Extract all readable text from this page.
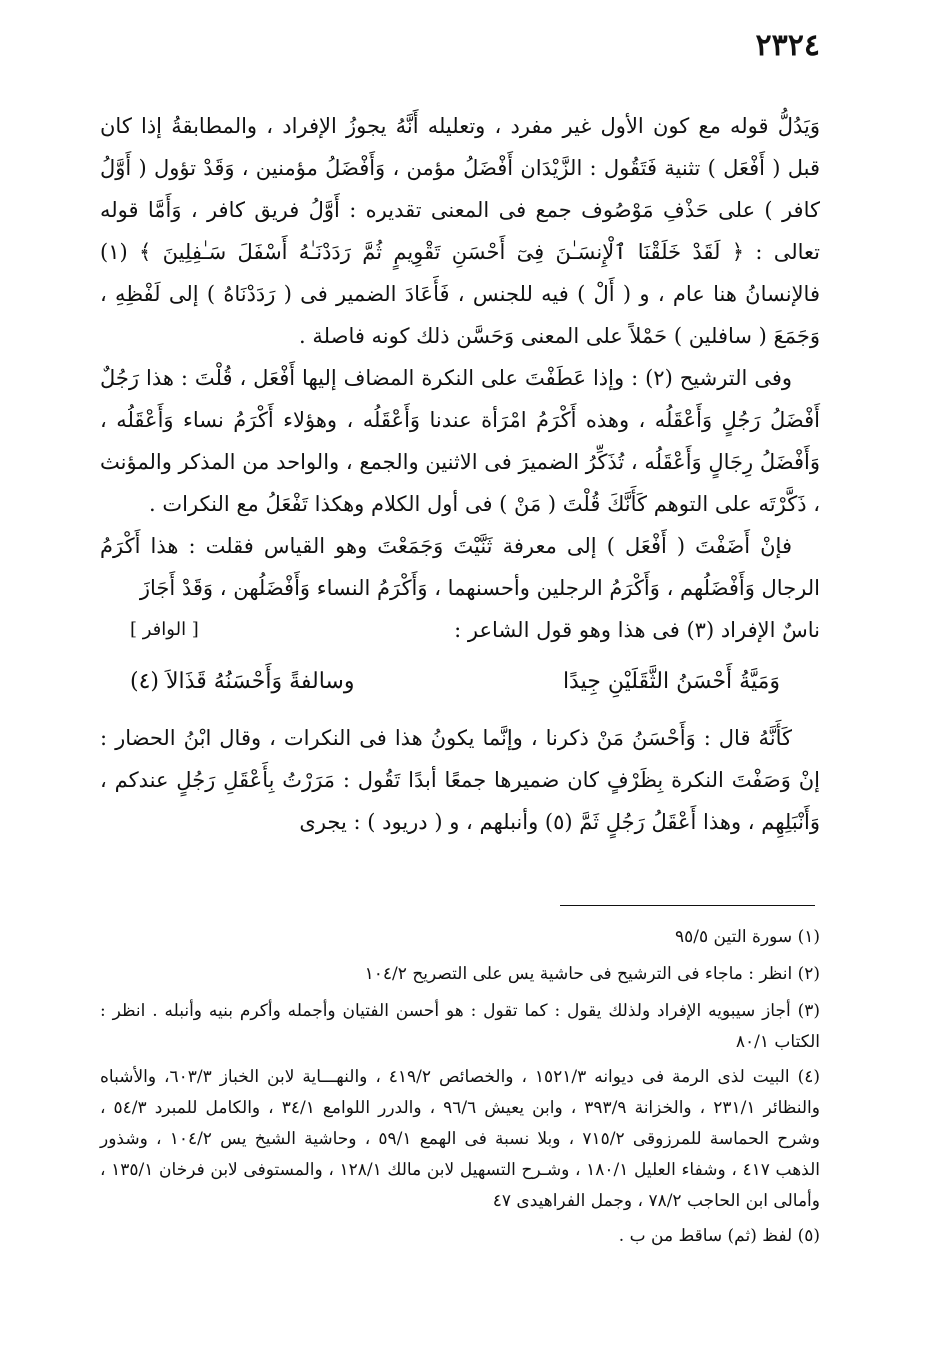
٢٣٢٤

وَيَدُلُّ قوله مع كون الأول غير مفرد ، وتعليله أَنَّهُ يجوزُ الإفراد ، والمطابقةُ إذا كان قبل ( أَفْعَل ) تثنية فَتَقُول : الزَّيْدَان أَفْضَلُ مؤمن ، وَأَفْضَلُ مؤمنين ، وَقَدْ تؤول ( أَوَّلُ كافر ) على حَذْفِ مَوْصُوف جمع فى المعنى تقديره : أَوَّلُ فريق كافر ، وَأَمَّا قوله تعالى : ﴿ لَقَدْ خَلَقْنَا ٱلْإِنسَـٰنَ فِىٓ أَحْسَنِ تَقْوِيمٍ ثُمَّ رَدَدْنَـٰهُ أَسْفَلَ سَـٰفِلِينَ ﴾ (١) فالإنسانُ هنا عام ، و ( أَلْ ) فيه للجنس ، فَأَعَادَ الضمير فى ( رَدَدْنَاهُ ) إلى لَفْظِهِ ، وَجَمَعَ ( سافلين ) حَمْلاً على المعنى وَحَسَّن ذلك كونه فاصلة .

وفى الترشيح (٢) : وإذا عَطَفْتَ على النكرة المضاف إليها أَفْعَل ، قُلْتَ : هذا رَجُلٌ أَفْضَلُ رَجُلٍ وَأَعْقَلُه ، وهذه أَكْرَمُ امْرَأة عندنا وَأَعْقَلُه ، وهؤلاء أَكْرَمُ نساء وَأَعْقَلُه ، وَأَفْضَلُ رِجَالٍ وَأَعْقَلُه ، تُذَكِّرُ الضميرَ فى الاثنين والجمع ، والواحد من المذكر والمؤنث ، ذَكَّرْتَه على التوهم كَأَنَّكَ قُلْتَ ( مَنْ ) فى أول الكلام وهكذا تَفْعَلُ مع النكرات .

فإنْ أَضَفْتَ ( أَفْعَل ) إلى معرفة ثَنَّيْتَ وَجَمَعْتَ وهو القياس فقلت : هذا أَكْرَمُ الرجال وَأَفْضَلُهم ، وَأَكْرَمُ الرجلين وأحسنهما ، وَأَكْرَمُ النساء وَأَفْضَلُهن ، وَقَدْ أَجَازَ

ناسٌ الإفراد (٣) فى هذا وهو قول الشاعر :
[ الوافر ]
وَمَيَّةُ أَحْسَنُ الثَّقَلَيْنِ جِيدًا
وسالفةً وَأَحْسَنُهُ قَذَالاَ (٤)

كَأَنَّهُ قال : وَأَحْسَنُ مَنْ ذكرنا ، وإنَّما يكونُ هذا فى النكرات ، وقال ابْنُ الحضار : إنْ وَصَفْتَ النكرة بِظَرْفٍ كان ضميرها جمعًا أبدًا تَقُول : مَرَرْتُ بِأَعْقَلِ رَجُلٍ عندكم ، وَأَنْبَلِهِم ، وهذا أَعْقَلُ رَجُلٍ ثَمَّ (٥) وأنبلهم ، و ( دريود ) : يجرى

(١) سورة التين ٩٥/٥

(٢) انظر : ماجاء فى الترشيح فى حاشية يس على التصريح ١٠٤/٢

(٣) أجاز سيبويه الإفراد ولذلك يقول : كما تقول : هو أحسن الفتيان وأجمله وأكرم بنيه وأنبله . انظر : الكتاب ٨٠/١

(٤) البيت لذى الرمة فى ديوانه ١٥٢١/٣ ، والخصائص ٤١٩/٢ ، والنهـــاية لابن الخباز ٦٠٣/٣، والأشباه والنظائر ٢٣١/١ ، والخزانة ٣٩٣/٩ ، وابن يعيش ٩٦/٦ ، والدرر اللوامع ٣٤/١ ، والكامل للمبرد ٥٤/٣ ، وشرح الحماسة للمرزوقى ٧١٥/٢ ، وبلا نسبة فى الهمع ٥٩/١ ، وحاشية الشيخ يس ١٠٤/٢ ، وشذور الذهب ٤١٧ ، وشفاء العليل ١٨٠/١ ، وشـرح التسهيل لابن مالك ١٢٨/١ ، والمستوفى لابن فرخان ١٣٥/١ ، وأمالى ابن الحاجب ٧٨/٢ ، وجمل الفراهيدى ٤٧

(٥) لفظ (ثم) ساقط من ب .
